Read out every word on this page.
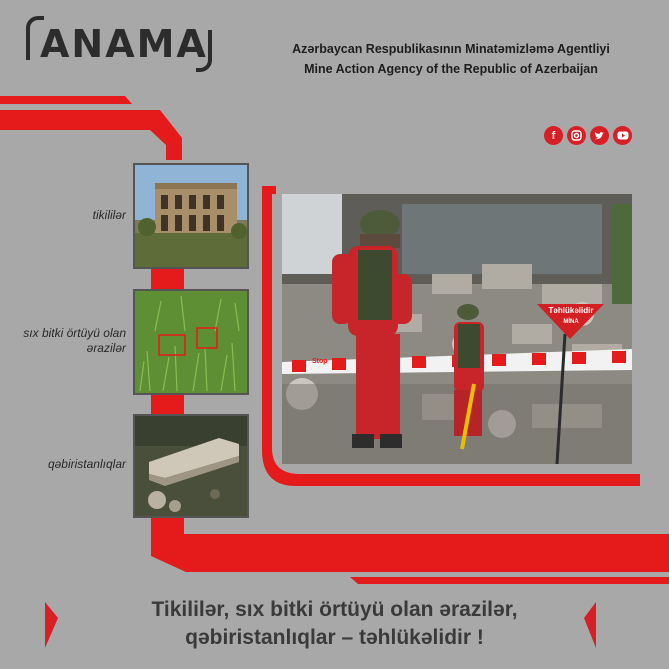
ANAMA	Azərbaycan Respublikasının Minatəmizləmə Agentliyi
Mine Action Agency of the Republic of Azerbaijan
f
tikililər
sıx bitki örtüyü olan ərazilər
qəbiristanlıqlar
Təhlükəlidir
MİNA
Stop
Tikililər, sıx bitki örtüyü olan ərazilər,
qəbiristanlıqlar – təhlükəlidir !
